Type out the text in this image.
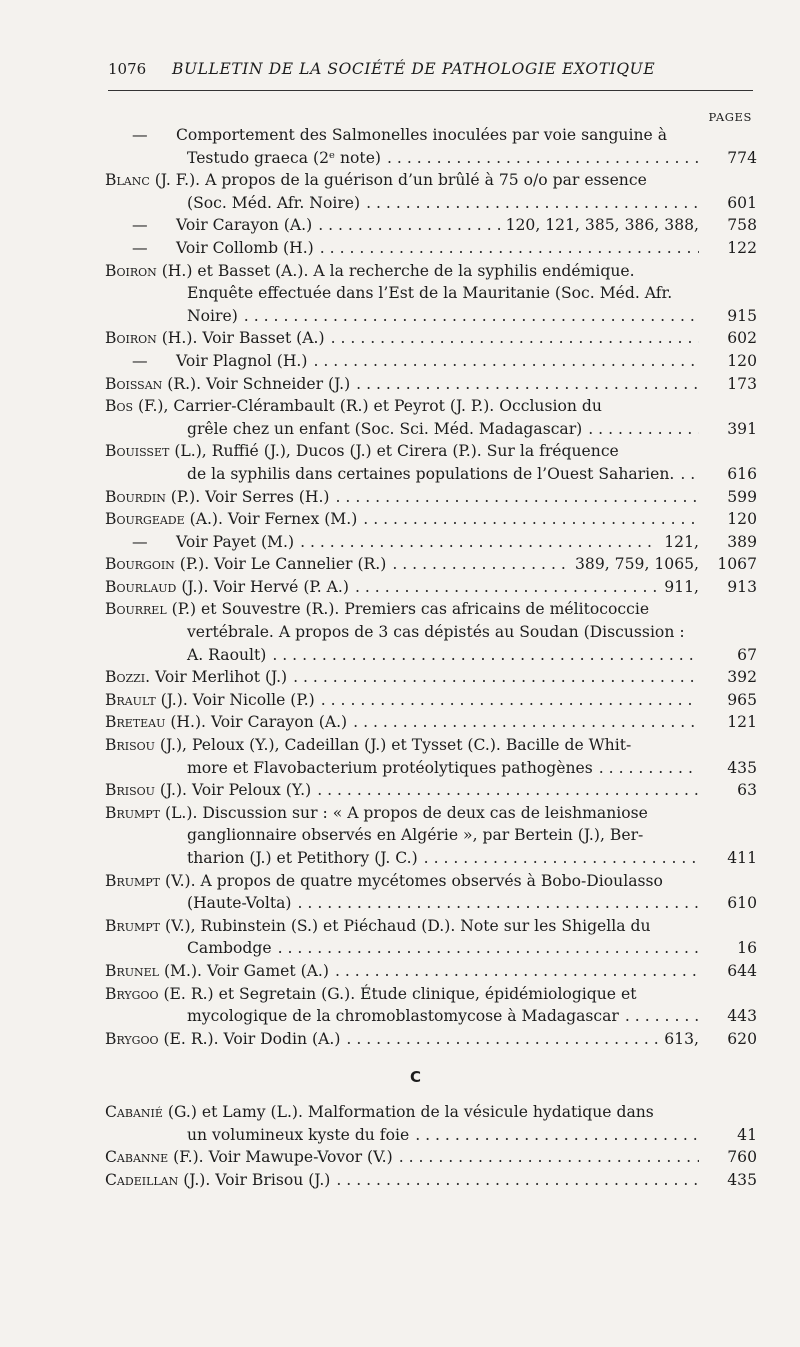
1076	BULLETIN DE LA SOCIÉTÉ DE PATHOLOGIE EXOTIQUE
PAGES
— Comportement des Salmonelles inoculées par voie sanguine à
Testudo graeca (2ᵉ note) . . .	774
Blanc (J. F.). A propos de la guérison d’un brûlé à 75 o/o par essence
(Soc. Méd. Afr. Noire) . . .	601
— Voir Carayon (A.) . . .	120, 121, 385, 386, 388,	758
— Voir Collomb (H.) . . .	122
Boiron (H.) et Basset (A.). A la recherche de la syphilis endémique.
Enquête effectuée dans l’Est de la Mauritanie (Soc. Méd. Afr.
Noire) . . .	915
Boiron (H.). Voir Basset (A.) . . .	602
— Voir Plagnol (H.) . . .	120
Boissan (R.). Voir Schneider (J.) . . .	173
Bos (F.), Carrier-Clérambault (R.) et Peyrot (J. P.). Occlusion du
grêle chez un enfant (Soc. Sci. Méd. Madagascar) . . .	391
Bouisset (L.), Ruffié (J.), Ducos (J.) et Cirera (P.). Sur la fréquence
de la syphilis dans certaines populations de l’Ouest Saharien. . . .	616
Bourdin (P.). Voir Serres (H.) . . .	599
Bourgeade (A.). Voir Fernex (M.) . . .	120
— Voir Payet (M.) . . .	121,	389
Bourgoin (P.). Voir Le Cannelier (R.) . . .	389, 759, 1065,	1067
Bourlaud (J.). Voir Hervé (P. A.) . . .	911,	913
Bourrel (P.) et Souvestre (R.). Premiers cas africains de mélitococcie
vertébrale. A propos de 3 cas dépistés au Soudan (Discussion :
A. Raoult) . . .	67
Bozzi. Voir Merlihot (J.) . . .	392
Brault (J.). Voir Nicolle (P.) . . .	965
Breteau (H.). Voir Carayon (A.) . . .	121
Brisou (J.), Peloux (Y.), Cadeillan (J.) et Tysset (C.). Bacille de Whit-
more et Flavobacterium protéolytiques pathogènes . . .	435
Brisou (J.). Voir Peloux (Y.) . . .	63
Brumpt (L.). Discussion sur : « A propos de deux cas de leishmaniose
ganglionnaire observés en Algérie », par Bertein (J.), Ber-
tharion (J.) et Petithory (J. C.) . . .	411
Brumpt (V.). A propos de quatre mycétomes observés à Bobo-Dioulasso
(Haute-Volta) . . .	610
Brumpt (V.), Rubinstein (S.) et Piéchaud (D.). Note sur les Shigella du
Cambodge . . .	16
Brunel (M.). Voir Gamet (A.) . . .	644
Brygoo (E. R.) et Segretain (G.). Étude clinique, épidémiologique et
mycologique de la chromoblastomycose à Madagascar . . .	443
Brygoo (E. R.). Voir Dodin (A.) . . .	613,	620
C
Cabanié (G.) et Lamy (L.). Malformation de la vésicule hydatique dans
un volumineux kyste du foie . . .	41
Cabanne (F.). Voir Mawupe-Vovor (V.) . . .	760
Cadeillan (J.). Voir Brisou (J.) . . .	435
